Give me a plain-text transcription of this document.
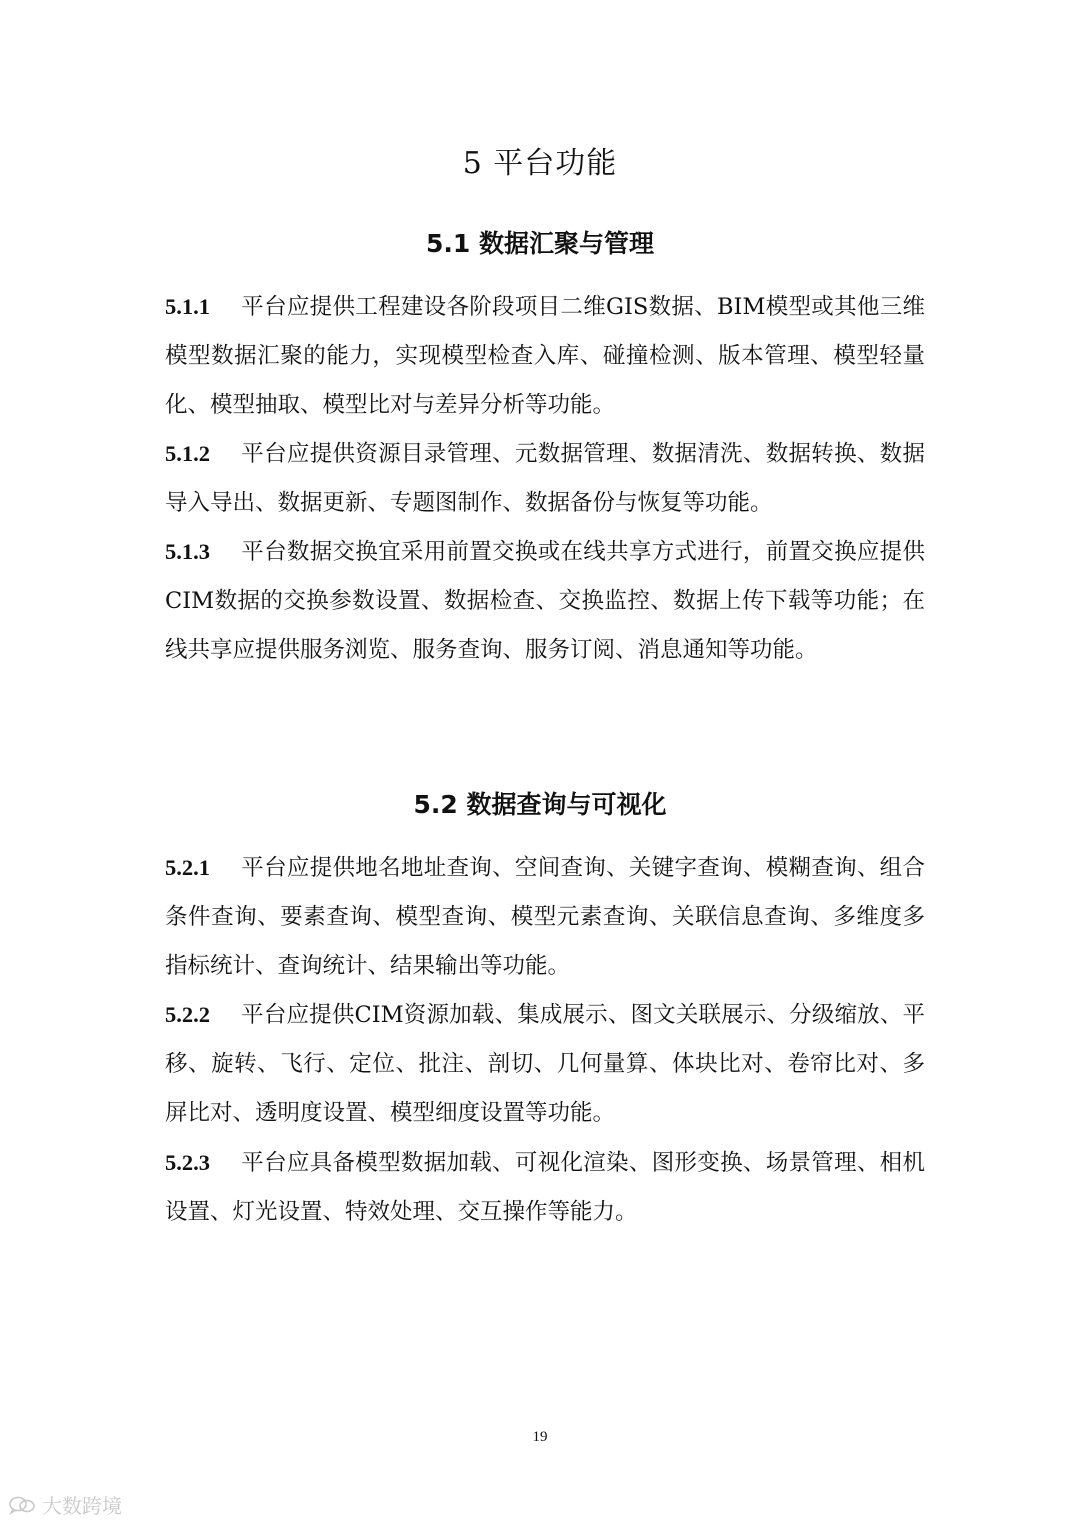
5 平台功能
5.1 数据汇聚与管理
5.1.1 平台应提供工程建设各阶段项目二维GIS数据、BIM模型或其他三维模型数据汇聚的能力，实现模型检查入库、碰撞检测、版本管理、模型轻量化、模型抽取、模型比对与差异分析等功能。
5.1.2 平台应提供资源目录管理、元数据管理、数据清洗、数据转换、数据导入导出、数据更新、专题图制作、数据备份与恢复等功能。
5.1.3 平台数据交换宜采用前置交换或在线共享方式进行，前置交换应提供CIM数据的交换参数设置、数据检查、交换监控、数据上传下载等功能；在线共享应提供服务浏览、服务查询、服务订阅、消息通知等功能。
5.2 数据查询与可视化
5.2.1 平台应提供地名地址查询、空间查询、关键字查询、模糊查询、组合条件查询、要素查询、模型查询、模型元素查询、关联信息查询、多维度多指标统计、查询统计、结果输出等功能。
5.2.2 平台应提供CIM资源加载、集成展示、图文关联展示、分级缩放、平移、旋转、飞行、定位、批注、剖切、几何量算、体块比对、卷帘比对、多屏比对、透明度设置、模型细度设置等功能。
5.2.3 平台应具备模型数据加载、可视化渲染、图形变换、场景管理、相机设置、灯光设置、特效处理、交互操作等能力。
19
大数跨境
